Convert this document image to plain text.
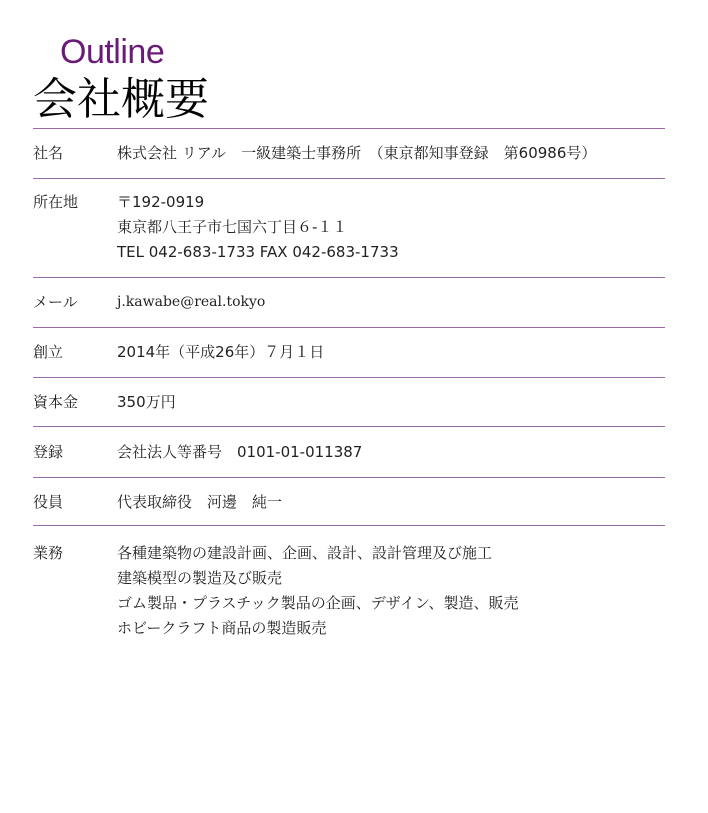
Outline
会社概要
社名	株式会社 リアル　一級建築士事務所　（東京都知事登録　第60986号）
所在地	〒192-0919
東京都八王子市七国六丁目６-１１
TEL 042-683-1733 FAX 042-683-1733
メール	j.kawabe@real.tokyo
創立	2014年（平成26年）７月１日
資本金	350万円
登録	会社法人等番号　0101-01-011387
役員	代表取締役　河邊　純一
業務	各種建築物の建設計画、企画、設計、設計管理及び施工
建築模型の製造及び販売
ゴム製品・プラスチック製品の企画、デザイン、製造、販売
ホビークラフト商品の製造販売
